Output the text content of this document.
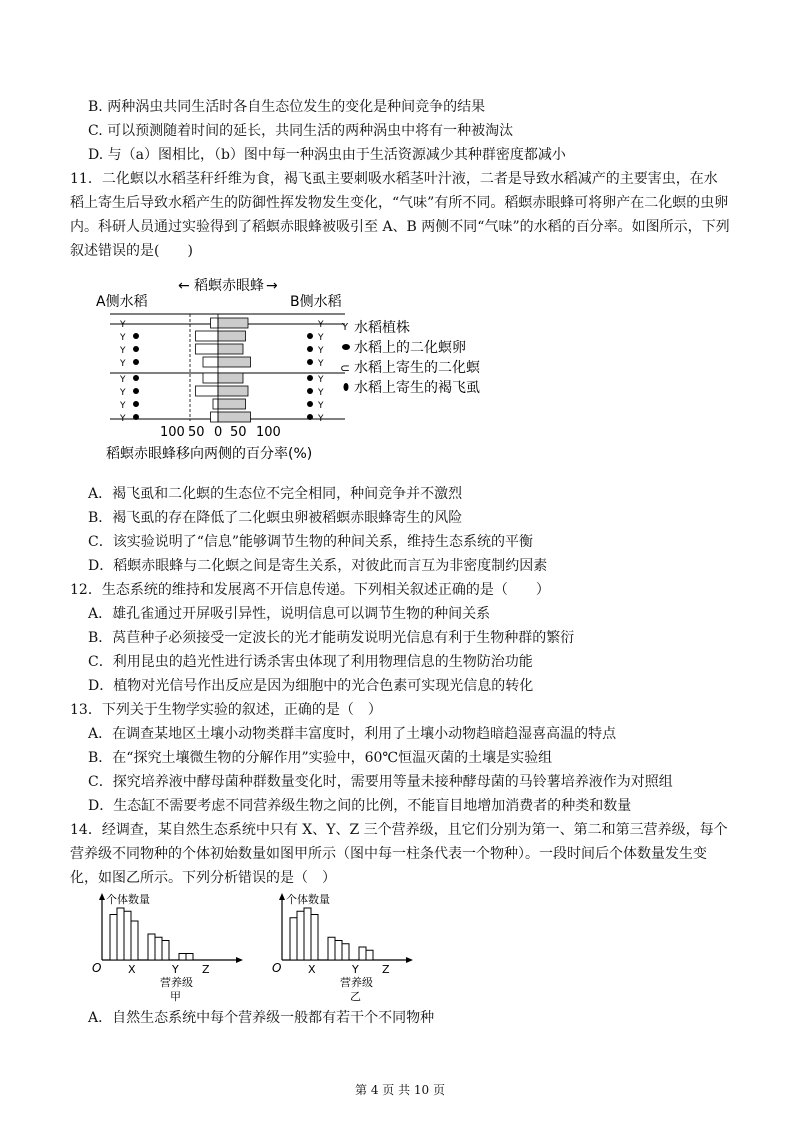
B. 两种涡虫共同生活时各自生态位发生的变化是种间竞争的结果
C. 可以预测随着时间的延长，共同生活的两种涡虫中将有一种被淘汰
D. 与（a）图相比，（b）图中每一种涡虫由于生活资源减少其种群密度都减小
11．二化螟以水稻茎秆纤维为食，褐飞虱主要刺吸水稻茎叶汁液，二者是导致水稻减产的主要害虫，在水
稻上寄生后导致水稻产生的防御性挥发物发生变化，“气味”有所不同。稻螟赤眼蜂可将卵产在二化螟的虫卵
内。科研人员通过实验得到了稻螟赤眼蜂被吸引至 A、B 两侧不同“气味”的水稻的百分率。如图所示，下列
叙述错误的是(　　)
← 稻螟赤眼蜂 →
A侧水稻	B侧水稻
Y	Y
Y	Y
Y	Y
Y	Y
Y	Y
Y	Y
Y	Y
Y	Y
100 50 0 50 100
稻螟赤眼蜂移向两侧的百分率(%)
Y 水稻植株
水稻上的二化螟卵
⊂ 水稻上寄生的二化螟
水稻上寄生的褐飞虱
A．褐飞虱和二化螟的生态位不完全相同，种间竞争并不激烈
B．褐飞虱的存在降低了二化螟虫卵被稻螟赤眼蜂寄生的风险
C．该实验说明了“信息”能够调节生物的种间关系，维持生态系统的平衡
D．稻螟赤眼蜂与二化螟之间是寄生关系，对彼此而言互为非密度制约因素
12．生态系统的维持和发展离不开信息传递。下列相关叙述正确的是（　　）
A．雄孔雀通过开屏吸引异性，说明信息可以调节生物的种间关系
B．莴苣种子必须接受一定波长的光才能萌发说明光信息有利于生物种群的繁衍
C．利用昆虫的趋光性进行诱杀害虫体现了利用物理信息的生物防治功能
D．植物对光信号作出反应是因为细胞中的光合色素可实现光信息的转化
13．下列关于生物学实验的叙述，正确的是（　）
A．在调查某地区土壤小动物类群丰富度时，利用了土壤小动物趋暗趋湿喜高温的特点
B．在“探究土壤微生物的分解作用”实验中，60℃恒温灭菌的土壤是实验组
C．探究培养液中酵母菌种群数量变化时，需要用等量未接种酵母菌的马铃薯培养液作为对照组
D．生态缸不需要考虑不同营养级生物之间的比例，不能盲目地增加消费者的种类和数量
14．经调查，某自然生态系统中只有 X、Y、Z 三个营养级，且它们分别为第一、第二和第三营养级，每个
营养级不同物种的个体初始数量如图甲所示（图中每一柱条代表一个物种）。一段时间后个体数量发生变
化，如图乙所示。下列分析错误的是（　）
个体数量
O X	Y Z
营养级
甲
个体数量
O X	Y Z
营养级
乙
A．自然生态系统中每个营养级一般都有若干个不同物种
第 4 页 共 10 页
